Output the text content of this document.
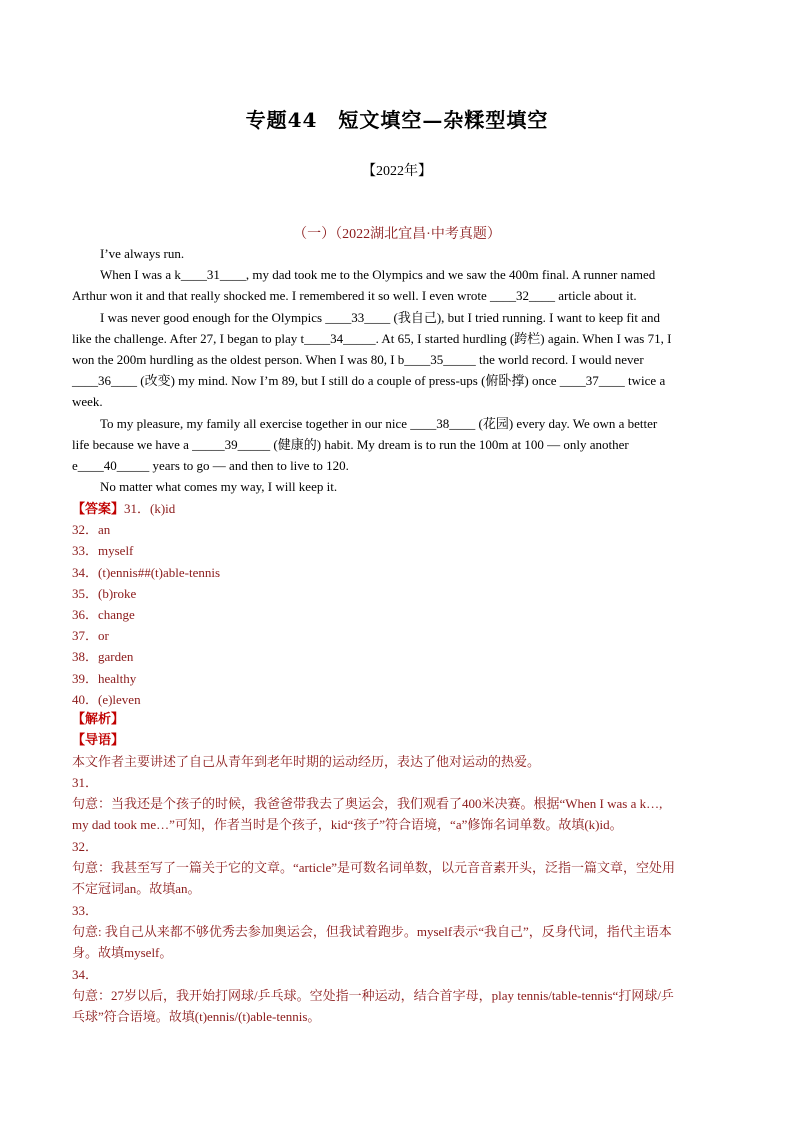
专题44　短文填空—杂糅型填空
【2022年】
（一）（2022湖北宜昌·中考真题）
I’ve always run.
When I was a k____31____, my dad took me to the Olympics and we saw the 400m final. A runner named
Arthur won it and that really shocked me. I remembered it so well. I even wrote ____32____ article about it.
I was never good enough for the Olympics ____33____ (我自己), but I tried running. I want to keep fit and
like the challenge. After 27, I began to play t____34_____. At 65, I started hurdling (跨栏) again. When I was 71, I
won the 200m hurdling as the oldest person. When I was 80, I b____35_____ the world record. I would never
____36____ (改变) my mind. Now I’m 89, but I still do a couple of press-ups (俯卧撑) once ____37____ twice a
week.
To my pleasure, my family all exercise together in our nice ____38____ (花园) every day. We own a better
life because we have a _____39_____ (健康的) habit. My dream is to run the 100m at 100 — only another
e____40_____ years to go — and then to live to 120.
No matter what comes my way, I will keep it.
【答案】31．(k)id
32．an
33．myself
34．(t)ennis##(t)able-tennis
35．(b)roke
36．change
37．or
38．garden
39．healthy
40．(e)leven
【解析】
【导语】
本文作者主要讲述了自己从青年到老年时期的运动经历，表达了他对运动的热爱。
31．
句意：当我还是个孩子的时候，我爸爸带我去了奥运会，我们观看了400米决赛。根据“When I was a k…,
my dad took me…”可知，作者当时是个孩子，kid“孩子”符合语境，“a”修饰名词单数。故填(k)id。
32．
句意：我甚至写了一篇关于它的文章。“article”是可数名词单数，以元音音素开头，泛指一篇文章，空处用
不定冠词an。故填an。
33．
句意: 我自己从来都不够优秀去参加奥运会，但我试着跑步。myself表示“我自己”，反身代词，指代主语本
身。故填myself。
34．
句意：27岁以后，我开始打网球/乒乓球。空处指一种运动，结合首字母，play tennis/table-tennis“打网球/乒
乓球”符合语境。故填(t)ennis/(t)able-tennis。
